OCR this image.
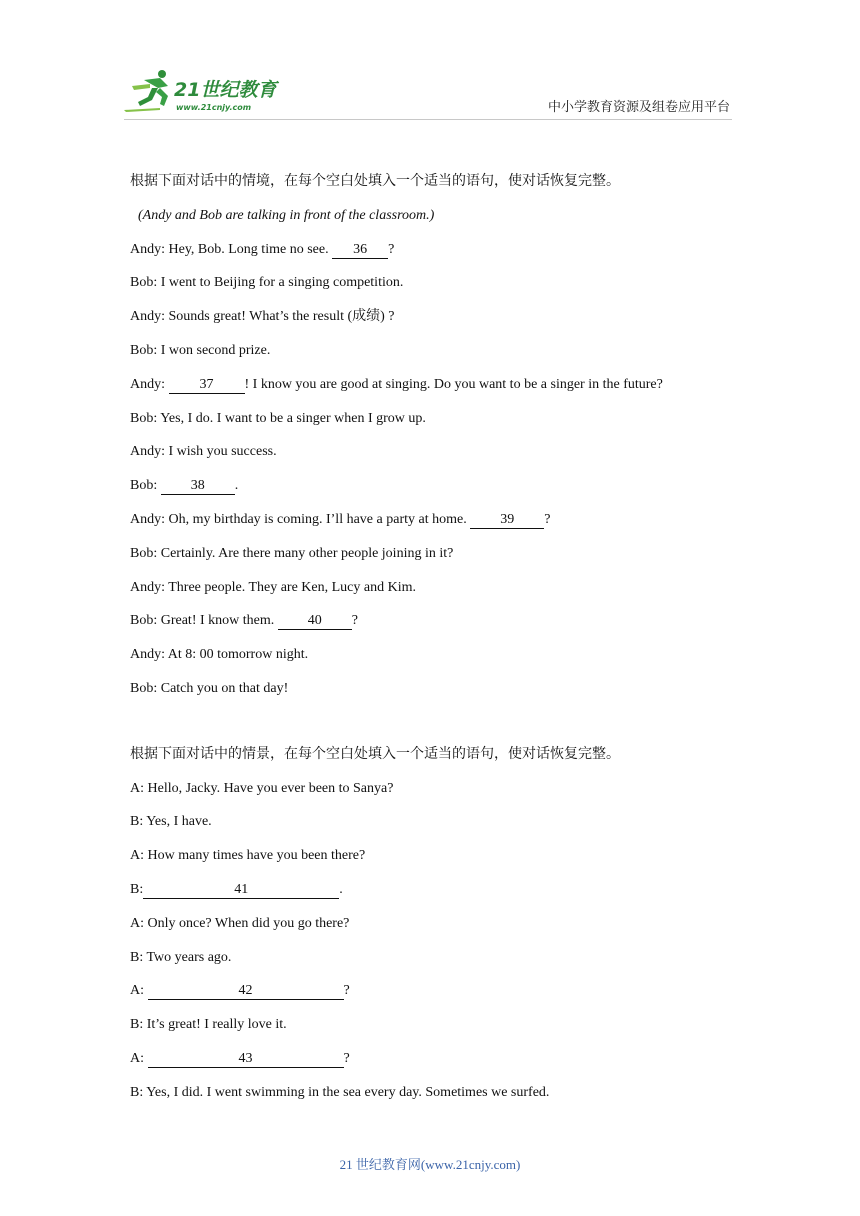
21世纪教育
www.21cnjy.com	中小学教育资源及组卷应用平台
根据下面对话中的情境，在每个空白处填入一个适当的语句，使对话恢复完整。
(Andy and Bob are talking in front of the classroom.)
Andy: Hey, Bob. Long time no see. 36 ?
Bob: I went to Beijing for a singing competition.
Andy: Sounds great! What’s the result (成绩) ?
Bob: I won second prize.
Andy: 37 ! I know you are good at singing. Do you want to be a singer in the future?
Bob: Yes, I do. I want to be a singer when I grow up.
Andy: I wish you success.
Bob: 38 .
Andy: Oh, my birthday is coming. I’ll have a party at home. 39 ?
Bob: Certainly. Are there many other people joining in it?
Andy: Three people. They are Ken, Lucy and Kim.
Bob: Great! I know them. 40 ?
Andy: At 8: 00 tomorrow night.
Bob: Catch you on that day!
根据下面对话中的情景，在每个空白处填入一个适当的语句，使对话恢复完整。
A: Hello, Jacky. Have you ever been to Sanya?
B: Yes, I have.
A: How many times have you been there?
B:	41	.
A: Only once? When did you go there?
B: Two years ago.
A:	42	?
B: It’s great! I really love it.
A:	43	?
B: Yes, I did. I went swimming in the sea every day. Sometimes we surfed.
21 世纪教育网(www.21cnjy.com)
